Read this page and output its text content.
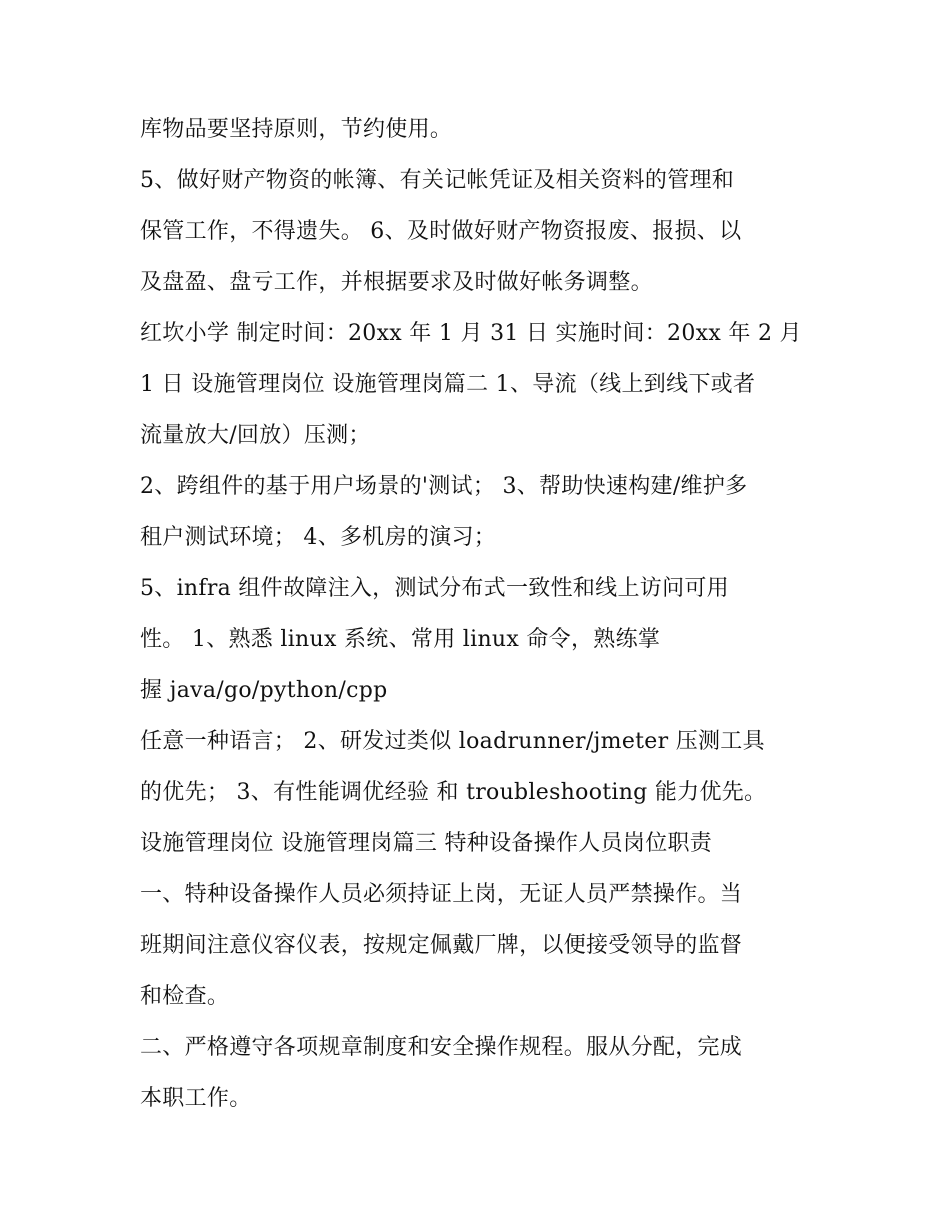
库物品要坚持原则，节约使用。
5、做好财产物资的帐簿、有关记帐凭证及相关资料的管理和
保管工作，不得遗失。 6、及时做好财产物资报废、报损、以
及盘盈、盘亏工作，并根据要求及时做好帐务调整。
红坎小学 制定时间：20xx 年 1 月 31 日 实施时间：20xx 年 2 月
1 日 设施管理岗位 设施管理岗篇二 1、导流（线上到线下或者
流量放大/回放）压测；
2、跨组件的基于用户场景的'测试； 3、帮助快速构建/维护多
租户测试环境； 4、多机房的演习；
5、infra 组件故障注入，测试分布式一致性和线上访问可用
性。 1、熟悉 linux 系统、常用 linux 命令，熟练掌
握 java/go/python/cpp
任意一种语言； 2、研发过类似 loadrunner/jmeter 压测工具
的优先； 3、有性能调优经验 和 troubleshooting 能力优先。
设施管理岗位 设施管理岗篇三 特种设备操作人员岗位职责
一、特种设备操作人员必须持证上岗，无证人员严禁操作。当
班期间注意仪容仪表，按规定佩戴厂牌，以便接受领导的监督
和检查。
二、严格遵守各项规章制度和安全操作规程。服从分配，完成
本职工作。
